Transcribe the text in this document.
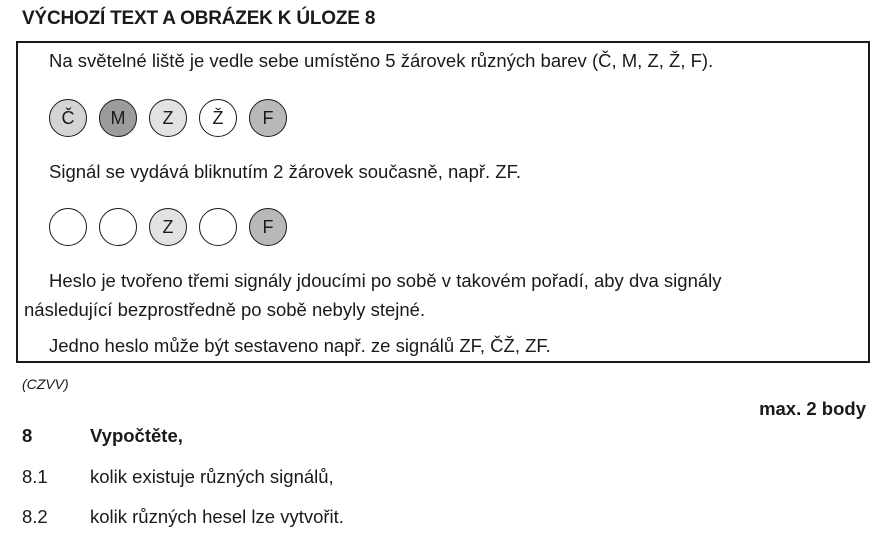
VÝCHOZÍ TEXT A OBRÁZEK K ÚLOZE 8
Na světelné liště je vedle sebe umístěno 5 žárovek různých barev (Č, M, Z, Ž, F).
Č	M	Z	Ž	F
Signál se vydává bliknutím 2 žárovek současně, např. ZF.
Z	F
Heslo je tvořeno třemi signály jdoucími po sobě v takovém pořadí, aby dva signály
následující bezprostředně po sobě nebyly stejné.
Jedno heslo může být sestaveno např. ze signálů ZF, ČŽ, ZF.
(CZVV)
max. 2 body
8	Vypočtěte,
8.1 kolik existuje různých signálů,
8.2 kolik různých hesel lze vytvořit.
